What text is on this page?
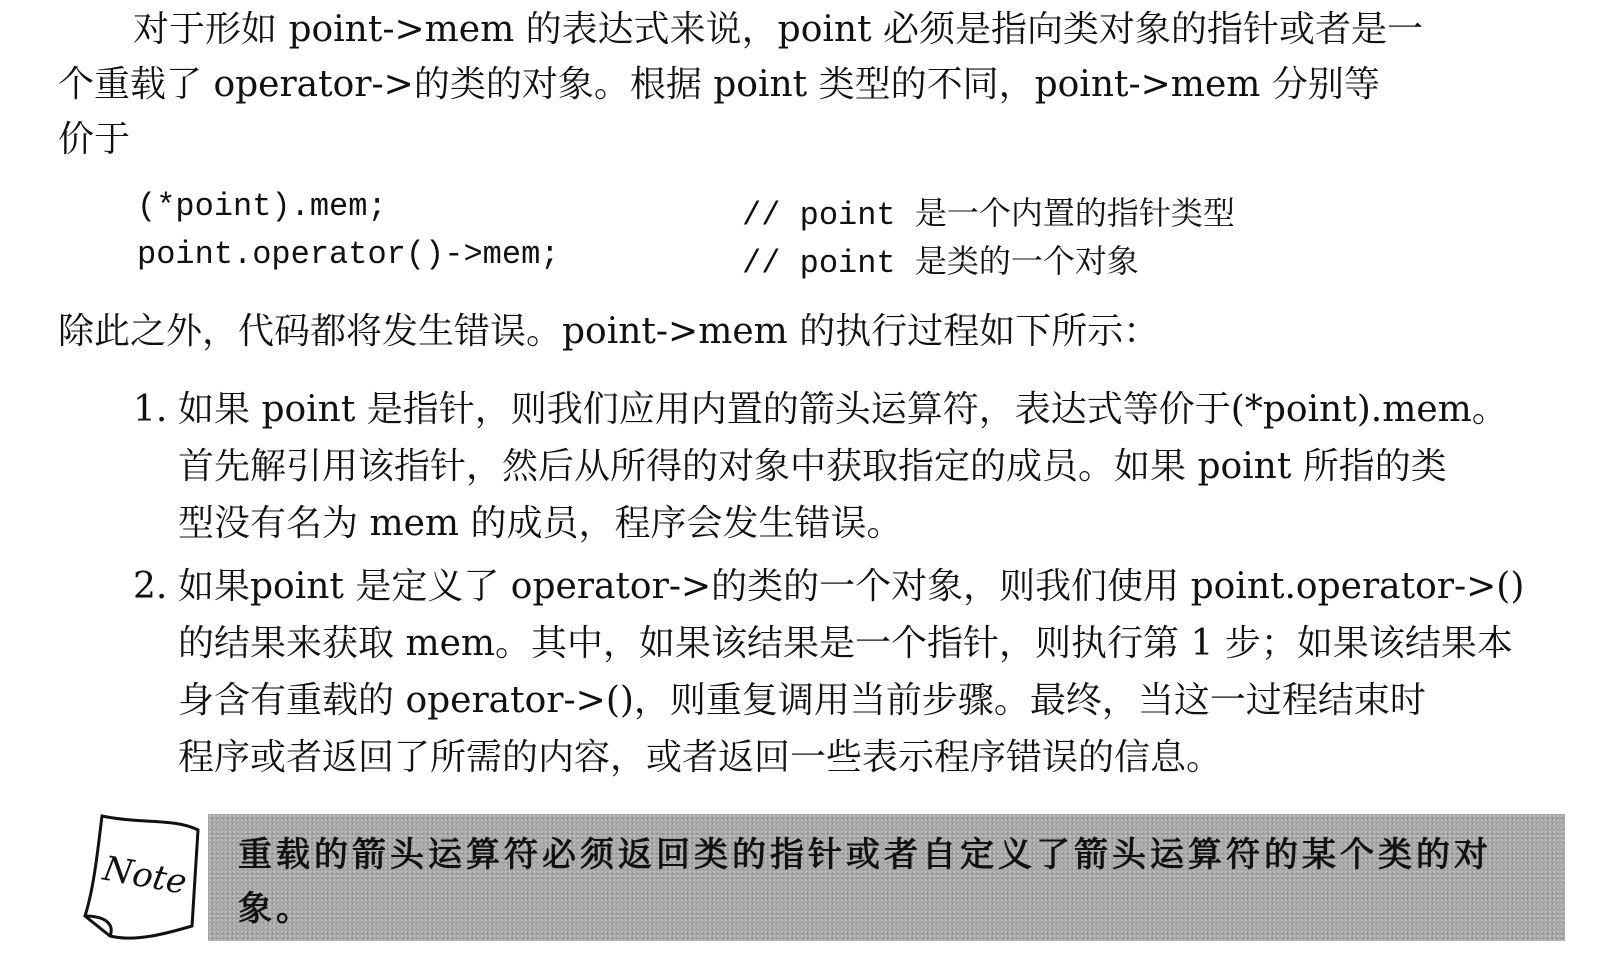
对于形如 point->mem 的表达式来说，point 必须是指向类对象的指针或者是一

个重载了 operator->的类的对象。根据 point 类型的不同，point->mem 分别等

价于

(*point).mem;	// point 是一个内置的指针类型
point.operator()->mem;	// point 是类的一个对象

除此之外，代码都将发生错误。point->mem 的执行过程如下所示：

1. 如果 point 是指针，则我们应用内置的箭头运算符，表达式等价于(*point).mem。
首先解引用该指针，然后从所得的对象中获取指定的成员。如果 point 所指的类
型没有名为 mem 的成员，程序会发生错误。
2. 如果point 是定义了 operator->的类的一个对象，则我们使用 point.operator->()
的结果来获取 mem。其中，如果该结果是一个指针，则执行第 1 步；如果该结果本
身含有重载的 operator->()，则重复调用当前步骤。最终，当这一过程结束时
程序或者返回了所需的内容，或者返回一些表示程序错误的信息。
Note 重载的箭头运算符必须返回类的指针或者自定义了箭头运算符的某个类的对
象。
